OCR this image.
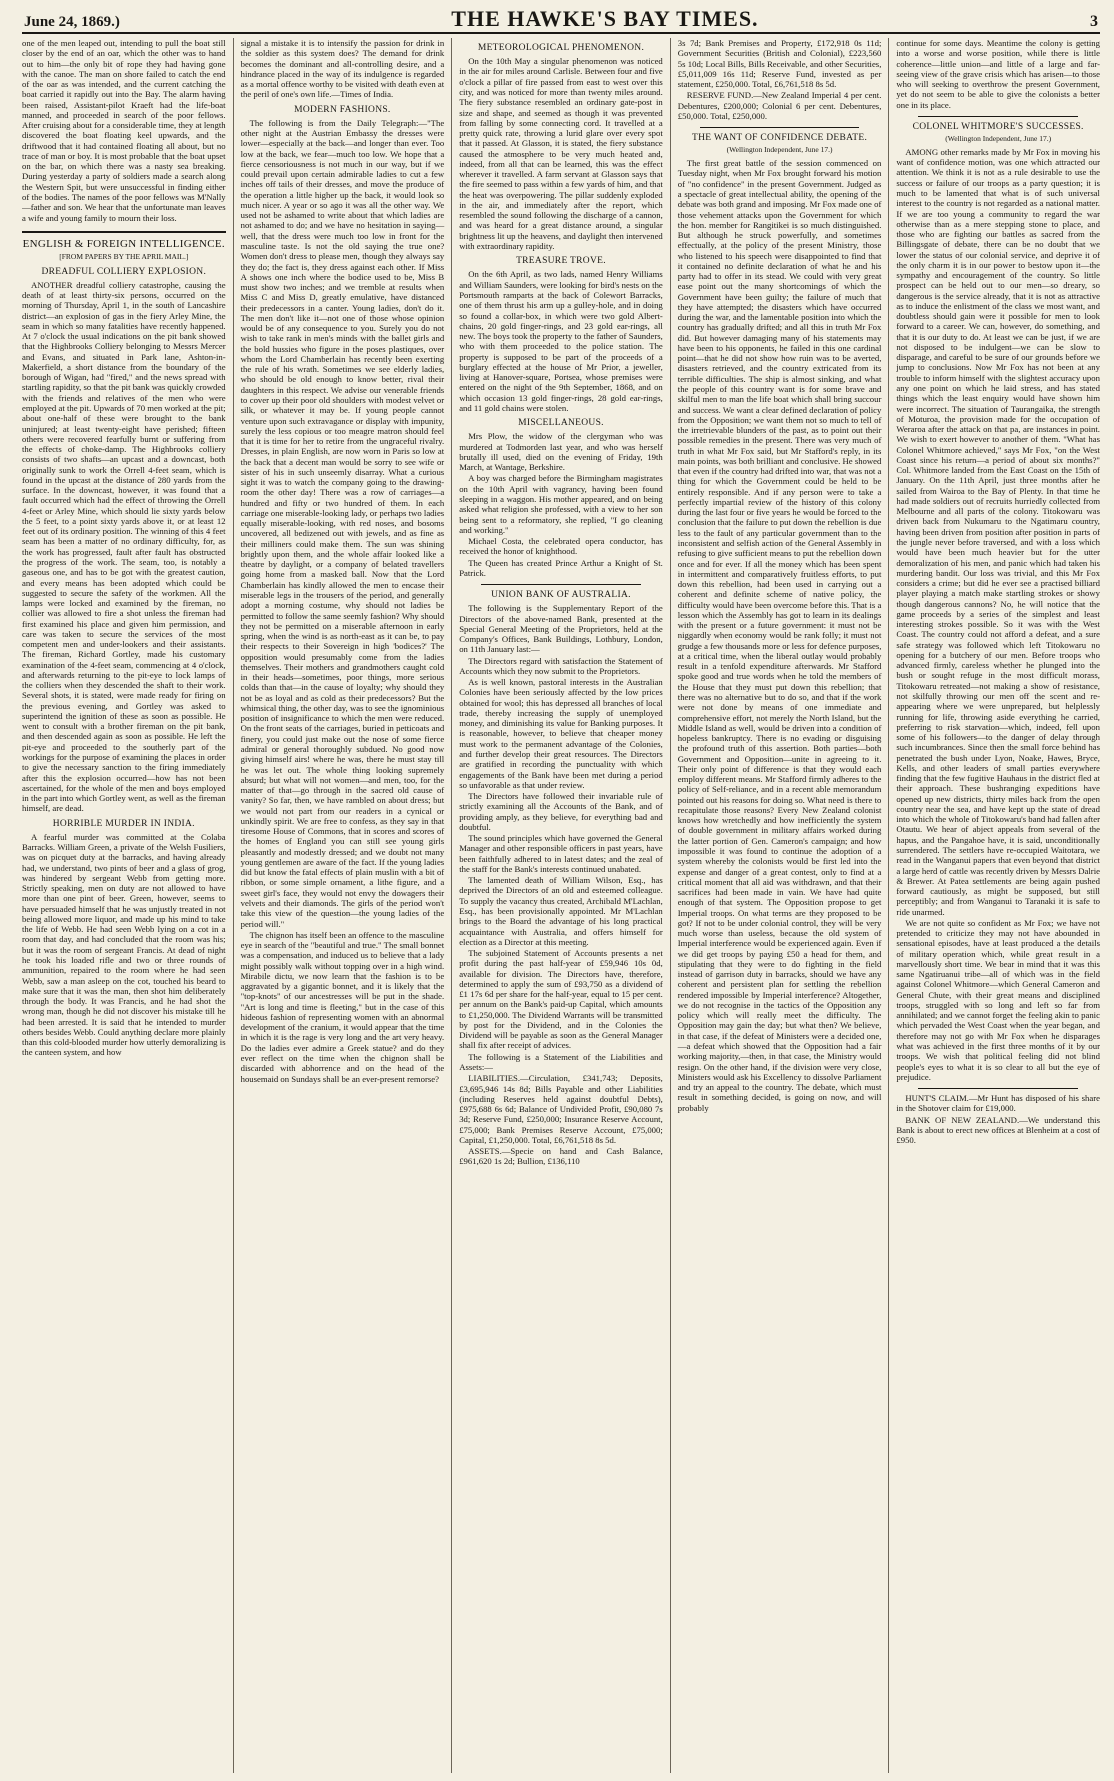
June 24, 1869.)	THE HAWKE'S BAY TIMES.	3

one of the men leaped out, intending to pull the boat still closer by the end of an oar, which the other was to hand out to him—the only bit of rope they had having gone with the canoe. The man on shore failed to catch the end of the oar as was intended, and the current catching the boat carried it rapidly out into the Bay. The alarm having been raised, Assistant-pilot Kraeft had the life-boat manned, and proceeded in search of the poor fellows. After cruising about for a considerable time, they at length discovered the boat floating keel upwards, and the driftwood that it had contained floating all about, but no trace of man or boy. It is most probable that the boat upset on the bar, on which there was a nasty sea breaking. During yesterday a party of soldiers made a search along the Western Spit, but were unsuccessful in finding either of the bodies. The names of the poor fellows was M'Nally—father and son. We hear that the unfortunate man leaves a wife and young family to mourn their loss.

ENGLISH & FOREIGN INTELLIGENCE.
[FROM PAPERS BY THE APRIL MAIL.]
DREADFUL COLLIERY EXPLOSION.

ANOTHER dreadful colliery catastrophe, causing the death of at least thirty-six persons, occurred on the morning of Thursday, April 1, in the south of Lancashire district—an explosion of gas in the fiery Arley Mine, the seam in which so many fatalities have recently happened. At 7 o'clock the usual indications on the pit bank showed that the Highbrooks Colliery belonging to Messrs Mercer and Evans, and situated in Park lane, Ashton-in-Makerfield, a short distance from the boundary of the borough of Wigan, had "fired," and the news spread with startling rapidity, so that the pit bank was quickly crowded with the friends and relatives of the men who were employed at the pit. Upwards of 70 men worked at the pit; about one-half of these were brought to the bank uninjured; at least twenty-eight have perished; fifteen others were recovered fearfully burnt or suffering from the effects of choke-damp. The Highbrooks colliery consists of two shafts—an upcast and a downcast, both originally sunk to work the Orrell 4-feet seam, which is found in the upcast at the distance of 280 yards from the surface. In the downcast, however, it was found that a fault occurred which had the effect of throwing the Orrell 4-feet or Arley Mine, which should lie sixty yards below the 5 feet, to a point sixty yards above it, or at least 12 feet out of its ordinary position. The winning of this 4 feet seam has been a matter of no ordinary difficulty, for, as the work has progressed, fault after fault has obstructed the progress of the work. The seam, too, is notably a gaseous one, and has to be got with the greatest caution, and every means has been adopted which could be suggested to secure the safety of the workmen. All the lamps were locked and examined by the fireman, no collier was allowed to fire a shot unless the fireman had first examined his place and given him permission, and care was taken to secure the services of the most competent men and under-lookers and their assistants. The fireman, Richard Gortley, made his customary examination of the 4-feet seam, commencing at 4 o'clock, and afterwards returning to the pit-eye to lock lamps of the colliers when they descended the shaft to their work. Several shots, it is stated, were made ready for firing on the previous evening, and Gortley was asked to superintend the ignition of these as soon as possible. He went to consult with a brother fireman on the pit bank, and then descended again as soon as possible. He left the pit-eye and proceeded to the southerly part of the workings for the purpose of examining the places in order to give the necessary sanction to the firing immediately after this the explosion occurred—how has not been ascertained, for the whole of the men and boys employed in the part into which Gortley went, as well as the fireman himself, are dead.

HORRIBLE MURDER IN INDIA.

A fearful murder was committed at the Colaba Barracks. William Green, a private of the Welsh Fusiliers, was on picquet duty at the barracks, and having already had, we understand, two pints of beer and a glass of grog, was hindered by sergeant Webb from getting more. Strictly speaking, men on duty are not allowed to have more than one pint of beer. Green, however, seems to have persuaded himself that he was unjustly treated in not being allowed more liquor, and made up his mind to take the life of Webb. He had seen Webb lying on a cot in a room that day, and had concluded that the room was his; but it was the room of sergeant Francis. At dead of night he took his loaded rifle and two or three rounds of ammunition, repaired to the room where he had seen Webb, saw a man asleep on the cot, touched his beard to make sure that it was the man, then shot him deliberately through the body. It was Francis, and he had shot the wrong man, though he did not discover his mistake till he had been arrested. It is said that he intended to murder others besides Webb. Could anything declare more plainly than this cold-blooded murder how utterly demoralizing is the canteen system, and how

signal a mistake it is to intensify the passion for drink in the soldier as this system does? The demand for drink becomes the dominant and all-controlling desire, and a hindrance placed in the way of its indulgence is regarded as a mortal offence worthy to be visited with death even at the peril of one's own life.—Times of India.

MODERN FASHIONS.

The following is from the Daily Telegraph:—"The other night at the Austrian Embassy the dresses were lower—especially at the back—and longer than ever. Too low at the back, we fear—much too low. We hope that a fierce censoriousness is not much in our way, but if we could prevail upon certain admirable ladies to cut a few inches off tails of their dresses, and move the produce of the operation a little higher up the back, it would look so much nicer. A year or so ago it was all the other way. We used not be ashamed to write about that which ladies are not ashamed to do; and we have no hesitation in saying—well, that the dress were much too low in front for the masculine taste. Is not the old saying the true one? Women don't dress to please men, though they always say they do; the fact is, they dress against each other. If Miss A shows one inch where the bodice used to be, Miss B must show two inches; and we tremble at results when Miss C and Miss D, greatly emulative, have distanced their predecessors in a canter. Young ladies, don't do it. The men don't like it—not one of those whose opinion would be of any consequence to you. Surely you do not wish to take rank in men's minds with the ballet girls and the bold hussies who figure in the poses plastiques, over whom the Lord Chamberlain has recently been exerting the rule of his wrath. Sometimes we see elderly ladies, who should be old enough to know better, rival their daughters in this respect. We advise our venerable friends to cover up their poor old shoulders with modest velvet or silk, or whatever it may be. If young people cannot venture upon such extravagance or display with impunity, surely the less copious or too meagre matron should feel that it is time for her to retire from the ungraceful rivalry. Dresses, in plain English, are now worn in Paris so low at the back that a decent man would be sorry to see wife or sister of his in such unseemly disarray. What a curious sight it was to watch the company going to the drawing-room the other day! There was a row of carriages—a hundred and fifty or two hundred of them. In each carriage one miserable-looking lady, or perhaps two ladies equally miserable-looking, with red noses, and bosoms uncovered, all bedizened out with jewels, and as fine as their milliners could make them. The sun was shining brightly upon them, and the whole affair looked like a theatre by daylight, or a company of belated travellers going home from a masked ball. Now that the Lord Chamberlain has kindly allowed the men to encase their miserable legs in the trousers of the period, and generally adopt a morning costume, why should not ladies be permitted to follow the same seemly fashion? Why should they not be permitted on a miserable afternoon in early spring, when the wind is as north-east as it can be, to pay their respects to their Sovereign in high 'bodices?' The opposition would presumably come from the ladies themselves. Their mothers and grandmothers caught cold in their heads—sometimes, poor things, more serious colds than that—in the cause of loyalty; why should they not be as loyal and as cold as their predecessors? But the whimsical thing, the other day, was to see the ignominious position of insignificance to which the men were reduced. On the front seats of the carriages, buried in petticoats and finery, you could just make out the nose of some fierce admiral or general thoroughly subdued. No good now giving himself airs! where he was, there he must stay till he was let out. The whole thing looking supremely absurd; but what will not women—and men, too, for the matter of that—go through in the sacred old cause of vanity? So far, then, we have rambled on about dress; but we would not part from our readers in a cynical or unkindly spirit. We are free to confess, as they say in that tiresome House of Commons, that in scores and scores of the homes of England you can still see young girls pleasantly and modestly dressed; and we doubt not many young gentlemen are aware of the fact. If the young ladies did but know the fatal effects of plain muslin with a bit of ribbon, or some simple ornament, a lithe figure, and a sweet girl's face, they would not envy the dowagers their velvets and their diamonds. The girls of the period won't take this view of the question—the young ladies of the period will."

The chignon has itself been an offence to the masculine eye in search of the "beautiful and true." The small bonnet was a compensation, and induced us to believe that a lady might possibly walk without topping over in a high wind. Mirabile dictu, we now learn that the fashion is to be aggravated by a gigantic bonnet, and it is likely that the "top-knots" of our ancestresses will be put in the shade. "Art is long and time is fleeting," but in the case of this hideous fashion of representing women with an abnormal development of the cranium, it would appear that the time in which it is the rage is very long and the art very heavy. Do the ladies ever admire a Greek statue? and do they ever reflect on the time when the chignon shall be discarded with abhorrence and on the head of the housemaid on Sundays shall be an ever-present remorse?

METEOROLOGICAL PHENOMENON.

On the 10th May a singular phenomenon was noticed in the air for miles around Carlisle. Between four and five o'clock a pillar of fire passed from east to west over this city, and was noticed for more than twenty miles around. The fiery substance resembled an ordinary gate-post in size and shape, and seemed as though it was prevented from falling by some connecting cord. It travelled at a pretty quick rate, throwing a lurid glare over every spot that it passed. At Glasson, it is stated, the fiery substance caused the atmosphere to be very much heated and, indeed, from all that can be learned, this was the effect wherever it travelled. A farm servant at Glasson says that the fire seemed to pass within a few yards of him, and that the heat was overpowering. The pillar suddenly exploded in the air, and immediately after the report, which resembled the sound following the discharge of a cannon, and was heard for a great distance around, a singular brightness lit up the heavens, and daylight then intervened with extraordinary rapidity.

TREASURE TROVE.

On the 6th April, as two lads, named Henry Williams and William Saunders, were looking for bird's nests on the Portsmouth ramparts at the back of Colewort Barracks, one of them thrust his arm up a gulley-hole, and in doing so found a collar-box, in which were two gold Albert-chains, 20 gold finger-rings, and 23 gold ear-rings, all new. The boys took the property to the father of Saunders, who with them proceeded to the police station. The property is supposed to be part of the proceeds of a burglary effected at the house of Mr Prior, a jeweller, living at Hanover-square, Portsea, whose premises were entered on the night of the 9th September, 1868, and on which occasion 13 gold finger-rings, 28 gold ear-rings, and 11 gold chains were stolen.

MISCELLANEOUS.

Mrs Plow, the widow of the clergyman who was murdered at Todmorden last year, and who was herself brutally ill used, died on the evening of Friday, 19th March, at Wantage, Berkshire.

A boy was charged before the Birmingham magistrates on the 10th April with vagrancy, having been found sleeping in a waggon. His mother appeared, and on being asked what religion she professed, with a view to her son being sent to a reformatory, she replied, "I go cleaning and working."

Michael Costa, the celebrated opera conductor, has received the honor of knighthood.

The Queen has created Prince Arthur a Knight of St. Patrick.

UNION BANK OF AUSTRALIA.

The following is the Supplementary Report of the Directors of the above-named Bank, presented at the Special General Meeting of the Proprietors, held at the Company's Offices, Bank Buildings, Lothbury, London, on 11th January last:—

The Directors regard with satisfaction the Statement of Accounts which they now submit to the Proprietors.

As is well known, pastoral interests in the Australian Colonies have been seriously affected by the low prices obtained for wool; this has depressed all branches of local trade, thereby increasing the supply of unemployed money, and diminishing its value for Banking purposes. It is reasonable, however, to believe that cheaper money must work to the permanent advantage of the Colonies, and further develop their great resources. The Directors are gratified in recording the punctuality with which engagements of the Bank have been met during a period so unfavorable as that under review.

The Directors have followed their invariable rule of strictly examining all the Accounts of the Bank, and of providing amply, as they believe, for everything bad and doubtful.

The sound principles which have governed the General Manager and other responsible officers in past years, have been faithfully adhered to in latest dates; and the zeal of the staff for the Bank's interests continued unabated.

The lamented death of William Wilson, Esq., has deprived the Directors of an old and esteemed colleague. To supply the vacancy thus created, Archibald M'Lachlan, Esq., has been provisionally appointed. Mr M'Lachlan brings to the Board the advantage of his long practical acquaintance with Australia, and offers himself for election as a Director at this meeting.

The subjoined Statement of Accounts presents a net profit during the past half-year of £59,946 10s 0d, available for division. The Directors have, therefore, determined to apply the sum of £93,750 as a dividend of £1 17s 6d per share for the half-year, equal to 15 per cent. per annum on the Bank's paid-up Capital, which amounts to £1,250,000. The Dividend Warrants will be transmitted by post for the Dividend, and in the Colonies the Dividend will be payable as soon as the General Manager shall fix after receipt of advices.

The following is a Statement of the Liabilities and Assets:—

LIABILITIES.—Circulation, £341,743; Deposits, £3,695,946 14s 8d; Bills Payable and other Liabilities (including Reserves held against doubtful Debts), £975,688 6s 6d; Balance of Undivided Profit, £90,080 7s 3d; Reserve Fund, £250,000; Insurance Reserve Account, £75,000; Bank Premises Reserve Account, £75,000; Capital, £1,250,000. Total, £6,761,518 8s 5d.

ASSETS.—Specie on hand and Cash Balance, £961,620 1s 2d; Bullion, £136,110

3s 7d; Bank Premises and Property, £172,918 0s 11d; Government Securities (British and Colonial), £223,560 5s 10d; Local Bills, Bills Receivable, and other Securities, £5,011,009 16s 11d; Reserve Fund, invested as per statement, £250,000. Total, £6,761,518 8s 5d.

RESERVE FUND.—New Zealand Imperial 4 per cent. Debentures, £200,000; Colonial 6 per cent. Debentures, £50,000. Total, £250,000.

THE WANT OF CONFIDENCE DEBATE.
(Wellington Independent, June 17.)

The first great battle of the session commenced on Tuesday night, when Mr Fox brought forward his motion of "no confidence" in the present Government. Judged as a spectacle of great intellectual ability, the opening of the debate was both grand and imposing. Mr Fox made one of those vehement attacks upon the Government for which the hon. member for Rangitikei is so much distinguished. But although he struck powerfully, and sometimes effectually, at the policy of the present Ministry, those who listened to his speech were disappointed to find that it contained no definite declaration of what he and his party had to offer in its stead. We could with very great ease point out the many shortcomings of which the Government have been guilty; the failure of much that they have attempted; the disasters which have occurred during the war, and the lamentable position into which the country has gradually drifted; and all this in truth Mr Fox did. But however damaging many of his statements may have been to his opponents, he failed in this one cardinal point—that he did not show how ruin was to be averted, disasters retrieved, and the country extricated from its terrible difficulties. The ship is almost sinking, and what the people of this country want is for some brave and skilful men to man the life boat which shall bring succour and success. We want a clear defined declaration of policy from the Opposition; we want them not so much to tell of the irretrievable blunders of the past, as to point out their possible remedies in the present. There was very much of truth in what Mr Fox said, but Mr Stafford's reply, in its main points, was both brilliant and conclusive. He showed that even if the country had drifted into war, that was not a thing for which the Government could be held to be entirely responsible. And if any person were to take a perfectly impartial review of the history of this colony during the last four or five years he would be forced to the conclusion that the failure to put down the rebellion is due less to the fault of any particular government than to the inconsistent and selfish action of the General Assembly in refusing to give sufficient means to put the rebellion down once and for ever. If all the money which has been spent in intermittent and comparatively fruitless efforts, to put down this rebellion, had been used in carrying out a coherent and definite scheme of native policy, the difficulty would have been overcome before this. That is a lesson which the Assembly has got to learn in its dealings with the present or a future government: it must not be niggardly when economy would be rank folly; it must not grudge a few thousands more or less for defence purposes, at a critical time, when the liberal outlay would probably result in a tenfold expenditure afterwards. Mr Stafford spoke good and true words when he told the members of the House that they must put down this rebellion; that there was no alternative but to do so, and that if the work were not done by means of one immediate and comprehensive effort, not merely the North Island, but the Middle Island as well, would be driven into a condition of hopeless bankruptcy. There is no evading or disguising the profound truth of this assertion. Both parties—both Government and Opposition—unite in agreeing to it. Their only point of difference is that they would each employ different means. Mr Stafford firmly adheres to the policy of Self-reliance, and in a recent able memorandum pointed out his reasons for doing so. What need is there to recapitulate those reasons? Every New Zealand colonist knows how wretchedly and how inefficiently the system of double government in military affairs worked during the latter portion of Gen. Cameron's campaign; and how impossible it was found to continue the adoption of a system whereby the colonists would be first led into the expense and danger of a great contest, only to find at a critical moment that all aid was withdrawn, and that their sacrifices had been made in vain. We have had quite enough of that system. The Opposition propose to get Imperial troops. On what terms are they proposed to be got? If not to be under colonial control, they will be very much worse than useless, because the old system of Imperial interference would be experienced again. Even if we did get troops by paying £50 a head for them, and stipulating that they were to do fighting in the field instead of garrison duty in barracks, should we have any coherent and persistent plan for settling the rebellion rendered impossible by Imperial interference? Altogether, we do not recognise in the tactics of the Opposition any policy which will really meet the difficulty. The Opposition may gain the day; but what then? We believe, in that case, if the defeat of Ministers were a decided one,—a defeat which showed that the Opposition had a fair working majority,—then, in that case, the Ministry would resign. On the other hand, if the division were very close, Ministers would ask his Excellency to dissolve Parliament and try an appeal to the country. The debate, which must result in something decided, is going on now, and will probably

continue for some days. Meantime the colony is getting into a worse and worse position, while there is little coherence—little union—and little of a large and far-seeing view of the grave crisis which has arisen—to those who will seeking to overthrow the present Government, yet do not seem to be able to give the colonists a better one in its place.

COLONEL WHITMORE'S SUCCESSES.
(Wellington Independent, June 17.)

AMONG other remarks made by Mr Fox in moving his want of confidence motion, was one which attracted our attention. We think it is not as a rule desirable to use the success or failure of our troops as a party question; it is much to be lamented that what is of such universal interest to the country is not regarded as a national matter. If we are too young a community to regard the war otherwise than as a mere stepping stone to place, and those who are fighting our battles as sacred from the Billingsgate of debate, there can be no doubt that we lower the status of our colonial service, and deprive it of the only charm it is in our power to bestow upon it—the sympathy and encouragement of the country. So little prospect can be held out to our men—so dreary, so dangerous is the service already, that it is not as attractive as to induce the enlistment of the class we most want, and doubtless should gain were it possible for men to look forward to a career. We can, however, do something, and that it is our duty to do. At least we can be just, if we are not disposed to be indulgent—we can be slow to disparage, and careful to be sure of our grounds before we jump to conclusions. Now Mr Fox has not been at any trouble to inform himself with the slightest accuracy upon any one point on which he laid stress, and has stated things which the least enquiry would have shown him were incorrect. The situation of Taurangaika, the strength of Moturoa, the provision made for the occupation of Weraroa after the attack on that pa, are instances in point. We wish to exert however to another of them. "What has Colonel Whitmore achieved," says Mr Fox, "on the West Coast since his return—a period of about six months?" Col. Whitmore landed from the East Coast on the 15th of January. On the 11th April, just three months after he sailed from Wairoa to the Bay of Plenty. In that time he had made soldiers out of recruits hurriedly collected from Melbourne and all parts of the colony. Titokowaru was driven back from Nukumaru to the Ngatimaru country, having been driven from position after position in parts of the jungle never before traversed, and with a loss which would have been much heavier but for the utter demoralization of his men, and panic which had taken his murdering bandit. Our loss was trivial, and this Mr Fox considers a crime; but did he ever see a practised billiard player playing a match make startling strokes or showy though dangerous cannons? No, he will notice that the game proceeds by a series of the simplest and least interesting strokes possible. So it was with the West Coast. The country could not afford a defeat, and a sure safe strategy was followed which left Titokowaru no opening for a butchery of our men. Before troops who advanced firmly, careless whether he plunged into the bush or sought refuge in the most difficult morass, Titokowaru retreated—not making a show of resistance, not skilfully throwing our men off the scent and re-appearing where we were unprepared, but helplessly running for life, throwing aside everything he carried, preferring to risk starvation—which, indeed, fell upon some of his followers—to the danger of delay through such incumbrances. Since then the small force behind has penetrated the bush under Lyon, Noake, Hawes, Bryce, Kells, and other leaders of small parties everywhere finding that the few fugitive Hauhaus in the district fled at their approach. These bushranging expeditions have opened up new districts, thirty miles back from the open country near the sea, and have kept up the state of dread into which the whole of Titokowaru's band had fallen after Otautu. We hear of abject appeals from several of the hapus, and the Pangahoe have, it is said, unconditionally surrendered. The settlers have re-occupied Waitotara, we read in the Wanganui papers that even beyond that district a large herd of cattle was recently driven by Messrs Dalrie & Brewer. At Patea settlements are being again pushed forward cautiously, as might be supposed, but still perceptibly; and from Wanganui to Taranaki it is safe to ride unarmed.

We are not quite so confident as Mr Fox; we have not pretended to criticize they may not have abounded in sensational episodes, have at least produced a the details of military operation which, while great result in a marvellously short time. We bear in mind that it was this same Ngatiruanui tribe—all of which was in the field against Colonel Whitmore—which General Cameron and General Chute, with their great means and disciplined troops, struggled with so long and left so far from annihilated; and we cannot forget the feeling akin to panic which pervaded the West Coast when the year began, and therefore may not go with Mr Fox when he disparages what was achieved in the first three months of it by our troops. We wish that political feeling did not blind people's eyes to what it is so clear to all but the eye of prejudice.

HUNT'S CLAIM.—Mr Hunt has disposed of his share in the Shotover claim for £19,000.

BANK OF NEW ZEALAND.—We understand this Bank is about to erect new offices at Blenheim at a cost of £950.
